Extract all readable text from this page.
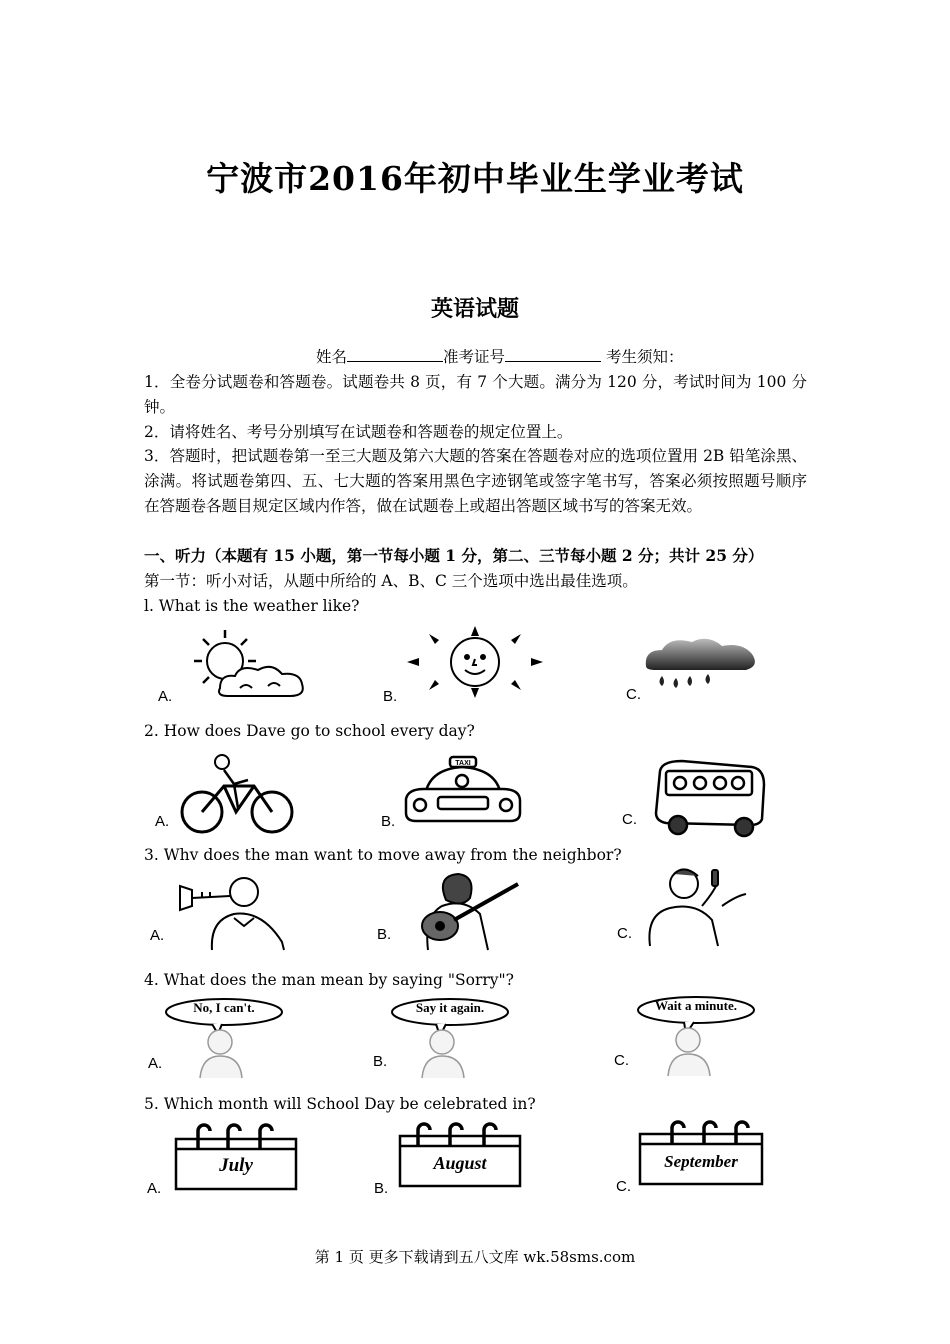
宁波市2016年初中毕业生学业考试
英语试题
姓名	准考证号	考生须知：
1．全卷分试题卷和答题卷。试题卷共 8 页，有 7 个大题。满分为 120 分，考试时间为 100 分钟。
2．请将姓名、考号分别填写在试题卷和答题卷的规定位置上。
3．答题时，把试题卷第一至三大题及第六大题的答案在答题卷对应的选项位置用 2B 铅笔涂黑、涂满。将试题卷第四、五、七大题的答案用黑色字迹钢笔或签字笔书写，答案必须按照题号顺序在答题卷各题目规定区域内作答，做在试题卷上或超出答题区域书写的答案无效。
一、听力（本题有 15 小题，第一节每小题 1 分，第二、三节每小题 2 分；共计 25 分）
第一节：听小对话，从题中所给的 A、B、C 三个选项中选出最佳选项。
l. What is the weather like?
A.	B.	C.
2. How does Dave go to school every day?
A.	B.	C.
TAXI
3. Whv does the man want to move away from the neighbor?
A.	B.	C.
4. What does the man mean by saying "Sorry"?
A.	B.	C.
No, I can't.	Say it again.	Wait a minute.
5. Which month will School Day be celebrated in?
A.	B.	C.
July	August	September
第 1 页 更多下载请到五八文库 wk.58sms.com
